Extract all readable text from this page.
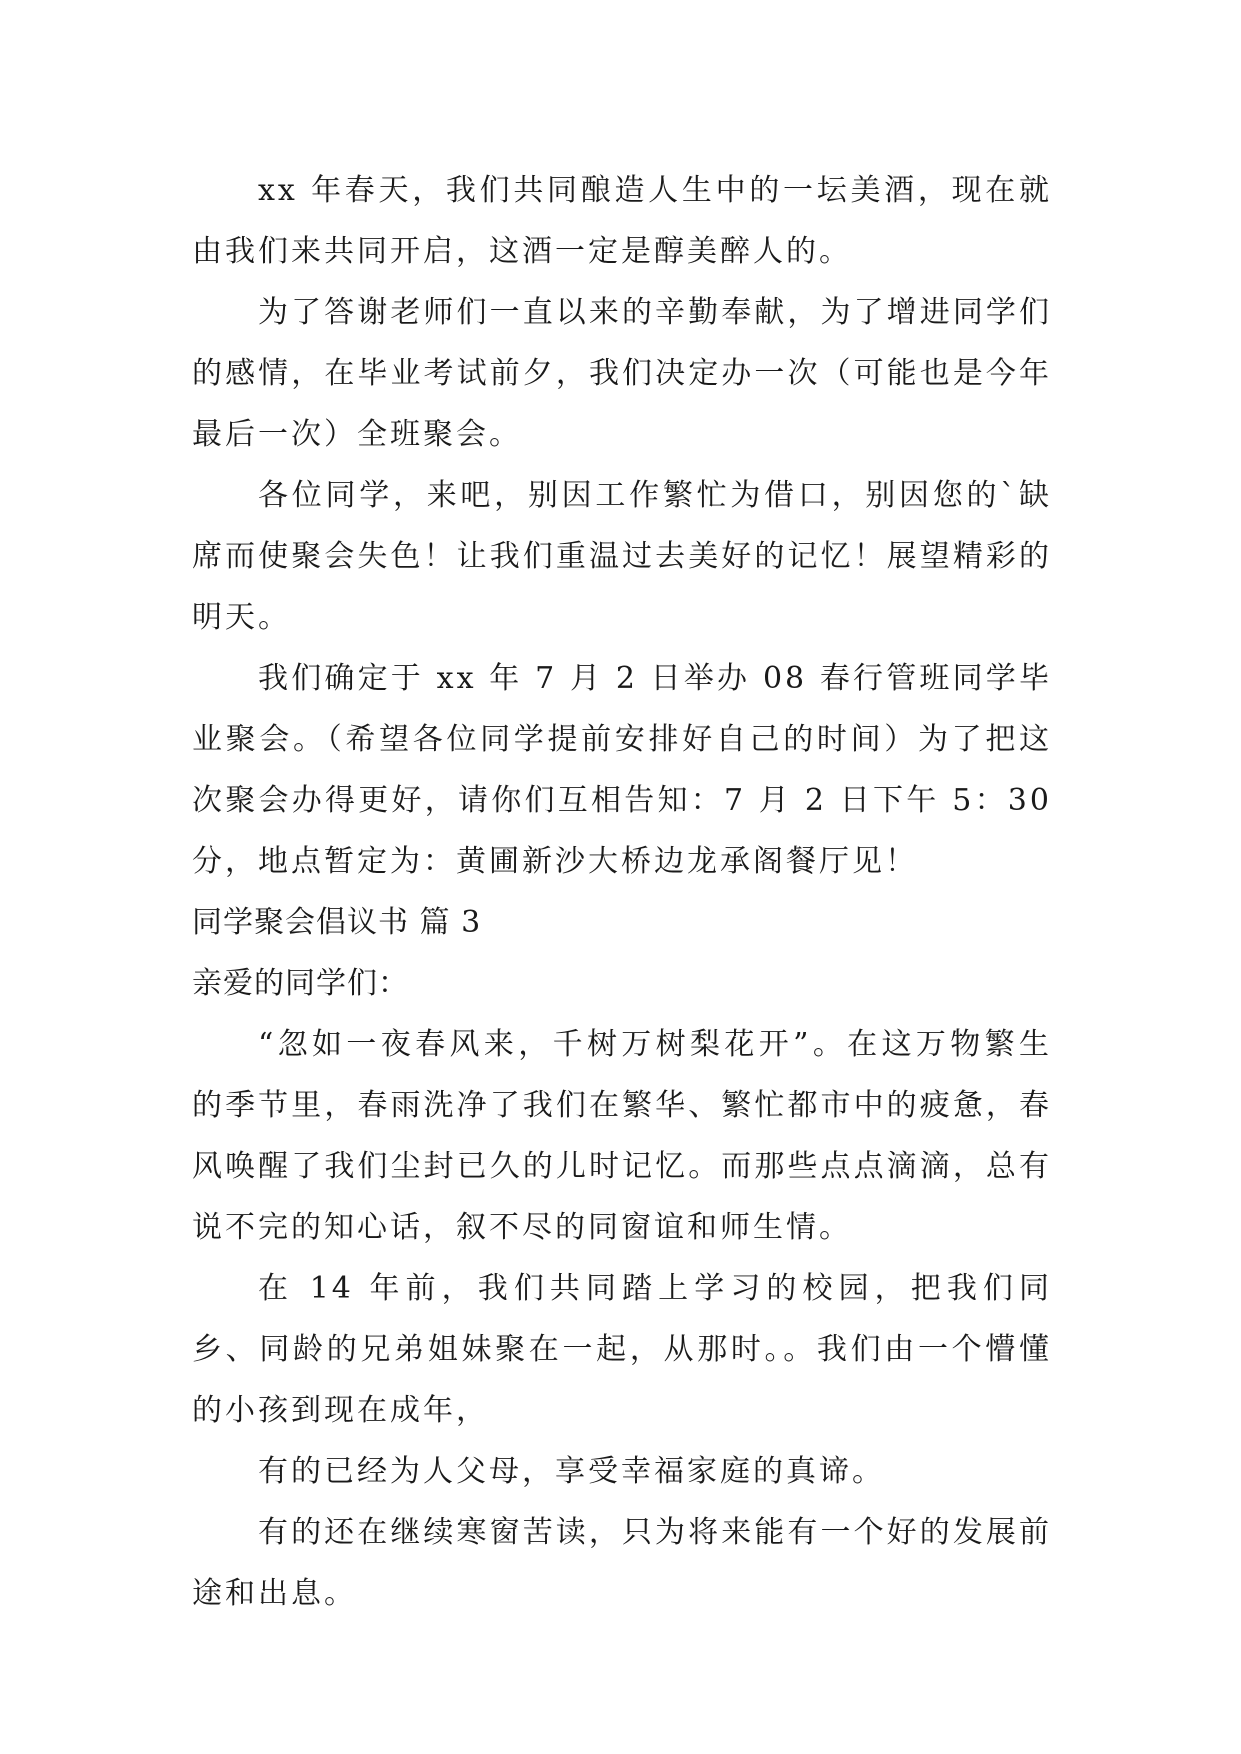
xx 年春天，我们共同酿造人生中的一坛美酒，现在就由我们来共同开启，这酒一定是醇美醉人的。

为了答谢老师们一直以来的辛勤奉献，为了增进同学们的感情，在毕业考试前夕，我们决定办一次（可能也是今年最后一次）全班聚会。

各位同学，来吧，别因工作繁忙为借口，别因您的`缺席而使聚会失色！让我们重温过去美好的记忆！展望精彩的明天。

我们确定于 xx 年 7 月 2 日举办 08 春行管班同学毕业聚会。（希望各位同学提前安排好自己的时间）为了把这次聚会办得更好，请你们互相告知：7 月 2 日下午 5：30 分，地点暂定为：黄圃新沙大桥边龙承阁餐厅见！

同学聚会倡议书 篇 3

亲爱的同学们：

“忽如一夜春风来，千树万树梨花开”。在这万物繁生的季节里，春雨洗净了我们在繁华、繁忙都市中的疲惫，春风唤醒了我们尘封已久的儿时记忆。而那些点点滴滴，总有说不完的知心话，叙不尽的同窗谊和师生情。

在 14 年前，我们共同踏上学习的校园，把我们同乡、同龄的兄弟姐妹聚在一起，从那时。。我们由一个懵懂的小孩到现在成年，

有的已经为人父母，享受幸福家庭的真谛。

有的还在继续寒窗苦读，只为将来能有一个好的发展前途和出息。
